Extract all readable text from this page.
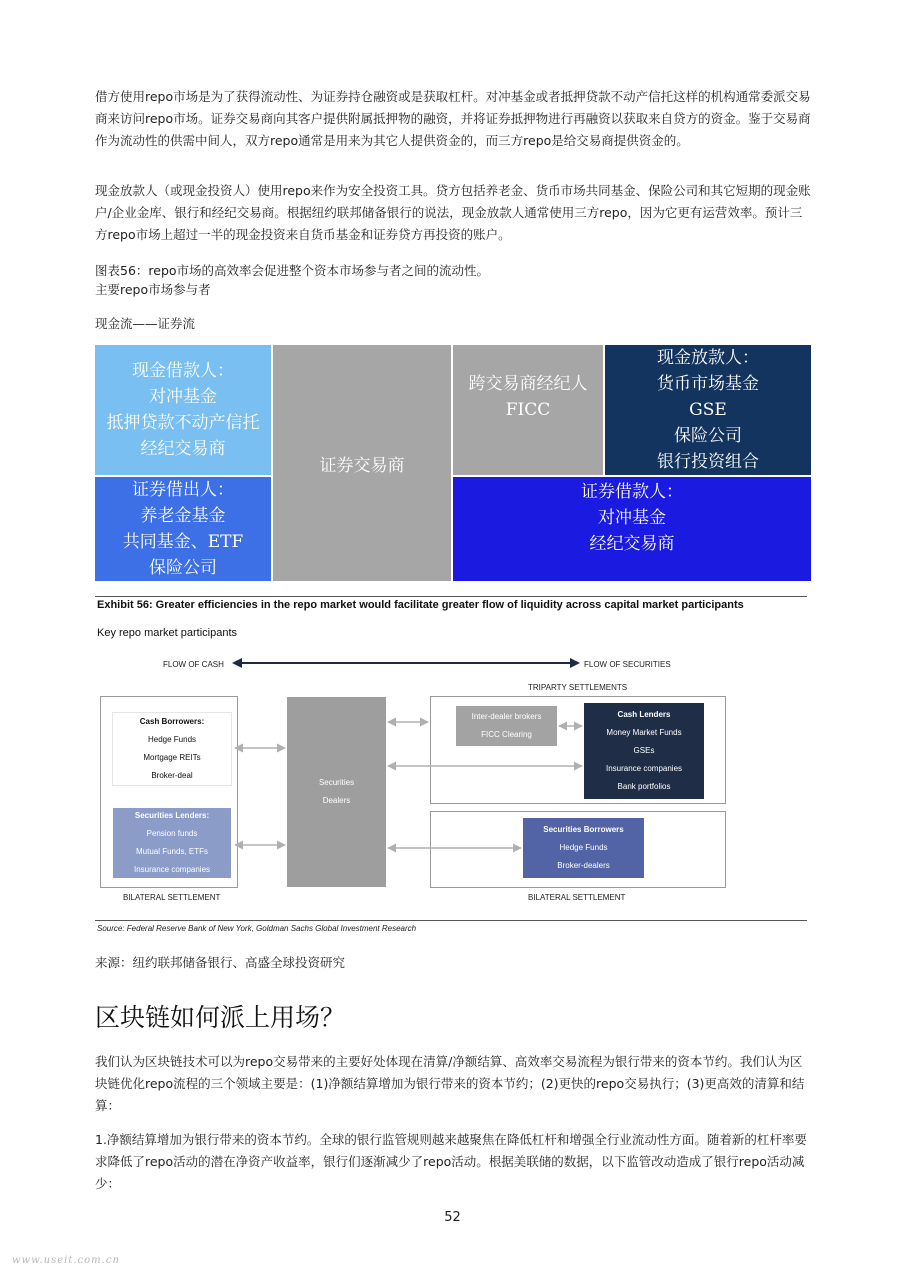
借方使用repo市场是为了获得流动性、为证券持仓融资或是获取杠杆。对冲基金或者抵押贷款不动产信托这样的机构通常委派交易商来访问repo市场。证券交易商向其客户提供附属抵押物的融资，并将证券抵押物进行再融资以获取来自贷方的资金。鉴于交易商作为流动性的供需中间人，双方repo通常是用来为其它人提供资金的，而三方repo是给交易商提供资金的。

现金放款人（或现金投资人）使用repo来作为安全投资工具。贷方包括养老金、货币市场共同基金、保险公司和其它短期的现金账户/企业金库、银行和经纪交易商。根据纽约联邦储备银行的说法，现金放款人通常使用三方repo，因为它更有运营效率。预计三方repo市场上超过一半的现金投资来自货币基金和证券贷方再投资的账户。

图表56：repo市场的高效率会促进整个资本市场参与者之间的流动性。
主要repo市场参与者
现金流——证券流
现金借款人：
对冲基金
抵押贷款不动产信托
经纪交易商
证券借出人：
养老金基金
共同基金、ETF
保险公司
证券交易商
跨交易商经纪人
FICC
现金放款人：
货币市场基金
GSE
保险公司
银行投资组合
证券借款人：
对冲基金
经纪交易商
Exhibit 56: Greater efficiencies in the repo market would facilitate greater flow of liquidity across capital market participants
Key repo market participants
FLOW OF CASH	FLOW OF SECURITIES
TRIPARTY SETTLEMENTS
Cash Borrowers:
Hedge Funds
Mortgage REITs
Broker-deal
Securities Lenders:
Pension funds
Mutual Funds, ETFs
Insurance companies
Securities
Dealers
Inter-dealer brokers
FICC Clearing
Cash Lenders
Money Market Funds
GSEs
Insurance companies
Bank portfolios
Securities Borrowers
Hedge Funds
Broker-dealers
BILATERAL SETTLEMENT	BILATERAL SETTLEMENT
Source: Federal Reserve Bank of New York, Goldman Sachs Global Investment Research
来源：纽约联邦储备银行、高盛全球投资研究
区块链如何派上用场？

我们认为区块链技术可以为repo交易带来的主要好处体现在清算/净额结算、高效率交易流程为银行带来的资本节约。我们认为区块链优化repo流程的三个领域主要是：(1)净额结算增加为银行带来的资本节约；(2)更快的repo交易执行；(3)更高效的清算和结算：

1.净额结算增加为银行带来的资本节约。全球的银行监管规则越来越聚焦在降低杠杆和增强全行业流动性方面。随着新的杠杆率要求降低了repo活动的潜在净资产收益率，银行们逐渐减少了repo活动。根据美联储的数据，以下监管改动造成了银行repo活动减少：

52
www.useit.com.cn
